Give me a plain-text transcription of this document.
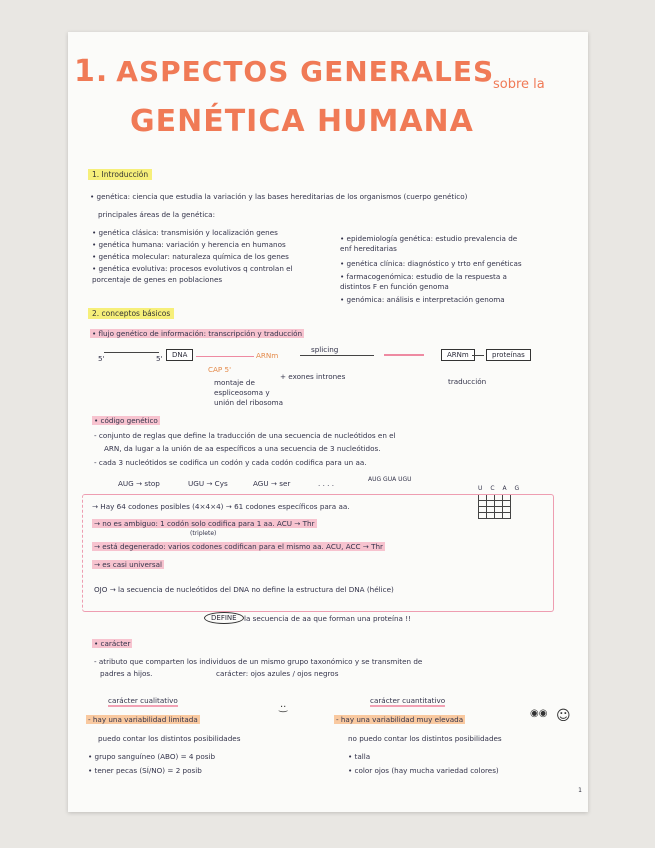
1. ASPECTOS GENERALES
sobre la
GENÉTICA HUMANA
1. Introducción
• genética: ciencia que estudia la variación y las bases hereditarias de los organismos (cuerpo genético)
principales áreas de la genética:
• genética clásica: transmisión y localización genes
• genética humana: variación y herencia en humanos
• genética molecular: naturaleza química de los genes
• genética evolutiva: procesos evolutivos q controlan el
porcentaje de genes en poblaciones
• epidemiología genética: estudio prevalencia de
enf hereditarias
• genética clínica: diagnóstico y trto enf genéticas
• farmacogenómica: estudio de la respuesta a
distintos F en función genoma
• genómica: análisis e interpretación genoma
2. conceptos básicos
• flujo genético de información: transcripción y traducción
5'	5'	DNA	ARNm
splicing
ARNm	proteínas
traducción
CAP 5'
+ exones intrones
montaje de
espliceosoma y
unión del ribosoma
• código genético
- conjunto de reglas que define la traducción de una secuencia de nucleótidos en el
ARN, da lugar a la unión de aa específicos a una secuencia de 3 nucleótidos.
- cada 3 nucleótidos se codifica un codón y cada codón codifica para un aa.
AUG → stop	UGU → Cys	AGU → ser	. . . .	AUG GUA UGU
U C A G

→ Hay 64 codones posibles (4×4×4) → 61 codones específicos para aa.
→ no es ambiguo: 1 codón solo codifica para 1 aa. ACU → Thr
(triplete)
→ está degenerado: varios codones codifican para el mismo aa. ACU, ACC → Thr
→ es casi universal
OJO → la secuencia de nucleótidos del DNA no define la estructura del DNA (hélice)
DEFINE	la secuencia de aa que forman una proteína !!
• carácter
- atributo que comparten los individuos de un mismo grupo taxonómico y se transmiten de
padres a hijos.	carácter: ojos azules / ojos negros
carácter cualitativo
- hay una variabilidad limitada
puedo contar los distintos posibilidades
• grupo sanguíneo (ABO) = 4 posib
• tener pecas (SÍ/NO) = 2 posib
carácter cuantitativo
- hay una variabilidad muy elevada
no puedo contar los distintos posibilidades
• talla
• color ojos (hay mucha variedad colores)
·͜·
◉◉ ☺
1
